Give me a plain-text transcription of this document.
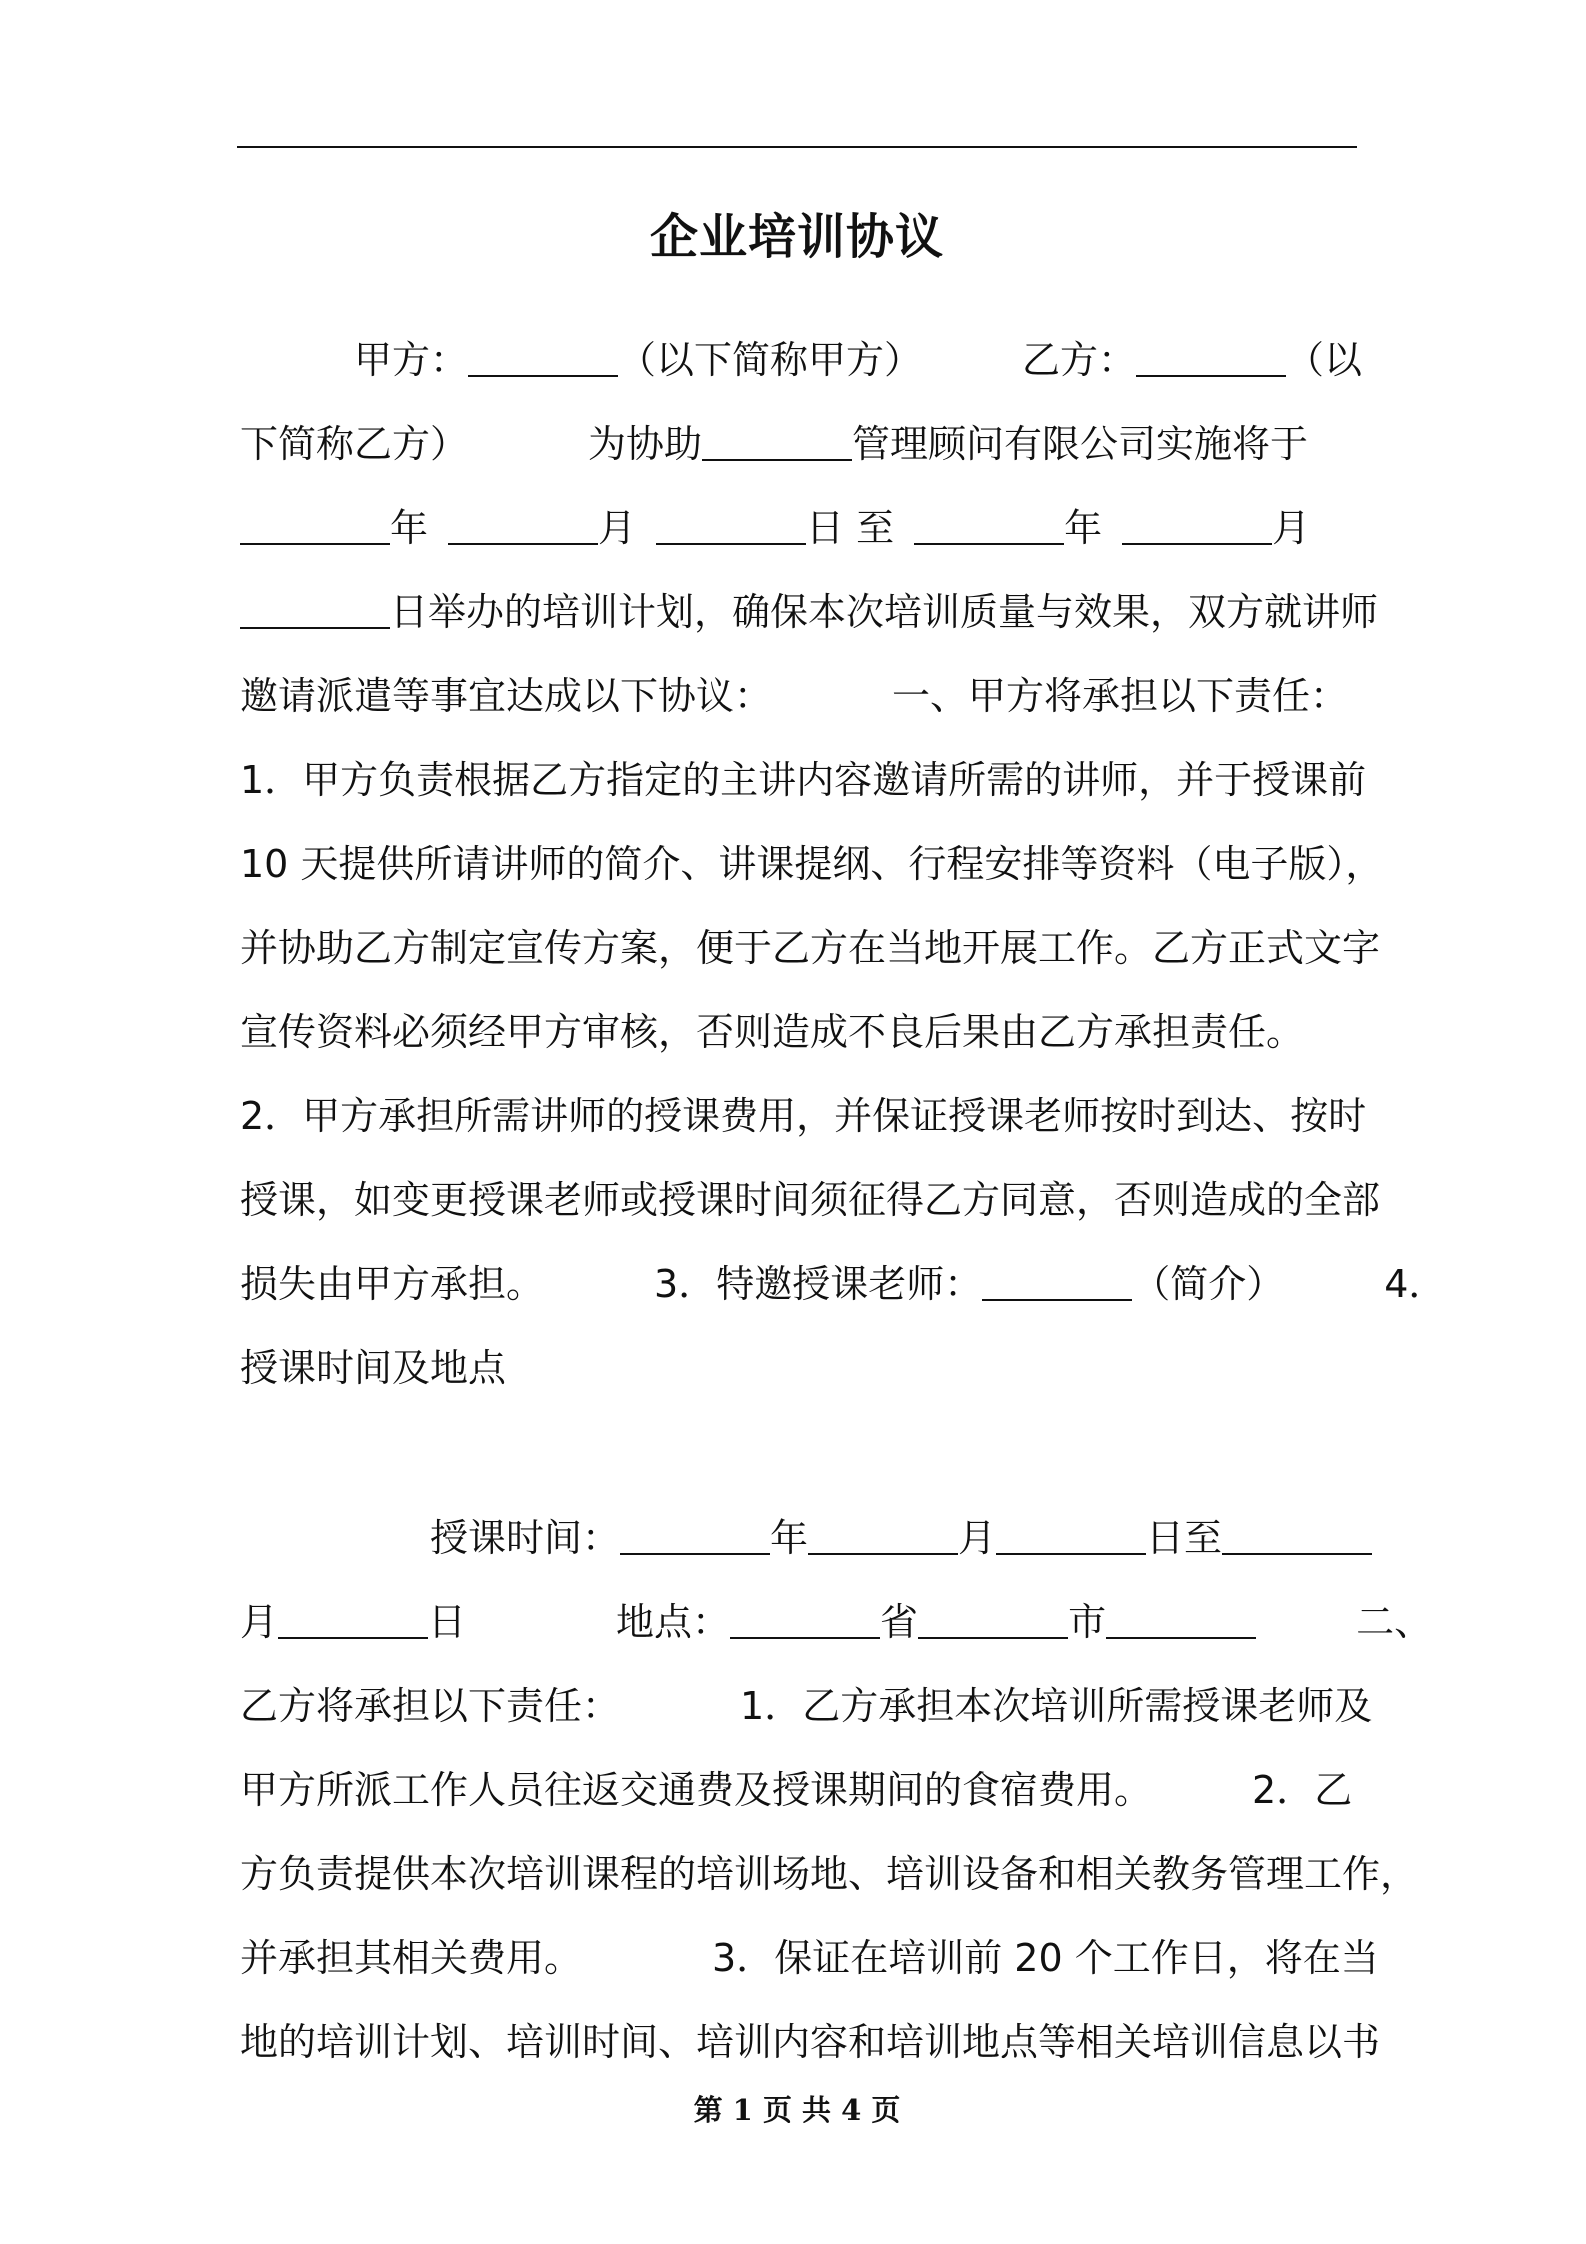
企业培训协议
甲方：	（以下简称甲方）	乙方：	（以
下简称乙方）	为协助	管理顾问有限公司实施将于
年	月	日 至	年	月
日举办的培训计划，确保本次培训质量与效果，双方就讲师
邀请派遣等事宜达成以下协议：	一、甲方将承担以下责任：
1．甲方负责根据乙方指定的主讲内容邀请所需的讲师，并于授课前
10 天提供所请讲师的简介、讲课提纲、行程安排等资料（电子版），
并协助乙方制定宣传方案，便于乙方在当地开展工作。乙方正式文字
宣传资料必须经甲方审核，否则造成不良后果由乙方承担责任。
2．甲方承担所需讲师的授课费用，并保证授课老师按时到达、按时
授课，如变更授课老师或授课时间须征得乙方同意，否则造成的全部
损失由甲方承担。	3．特邀授课老师：	（简介）	4．
授课时间及地点
授课时间：	年	月	日至
月	日	地点：	省	市	二、
乙方将承担以下责任：	1．乙方承担本次培训所需授课老师及
甲方所派工作人员往返交通费及授课期间的食宿费用。	2．乙
方负责提供本次培训课程的培训场地、培训设备和相关教务管理工作，
并承担其相关费用。	3．保证在培训前 20 个工作日，将在当
地的培训计划、培训时间、培训内容和培训地点等相关培训信息以书
第 1 页 共 4 页
